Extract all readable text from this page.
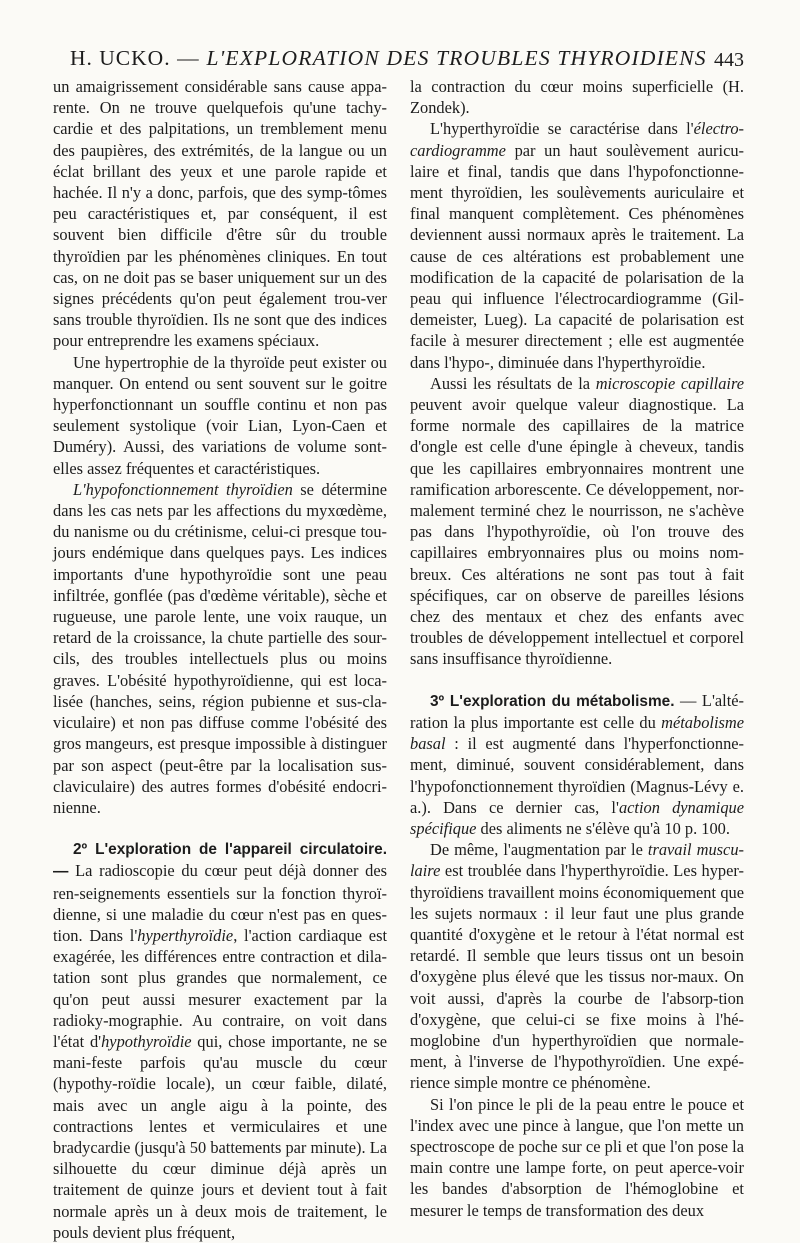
H. UCKO. — L'EXPLORATION DES TROUBLES THYROIDIENS 443

un amaigrissement considérable sans cause appa-rente. On ne trouve quelquefois qu'une tachy-cardie et des palpitations, un tremblement menu des paupières, des extrémités, de la langue ou un éclat brillant des yeux et une parole rapide et hachée. Il n'y a donc, parfois, que des symp-tômes peu caractéristiques et, par conséquent, il est souvent bien difficile d'être sûr du trouble thyroïdien par les phénomènes cliniques. En tout cas, on ne doit pas se baser uniquement sur un des signes précédents qu'on peut également trou-ver sans trouble thyroïdien. Ils ne sont que des indices pour entreprendre les examens spéciaux.

Une hypertrophie de la thyroïde peut exister ou manquer. On entend ou sent souvent sur le goitre hyperfonctionnant un souffle continu et non pas seulement systolique (voir Lian, Lyon-Caen et Duméry). Aussi, des variations de volume sont-elles assez fréquentes et caractéristiques.

L'hypofonctionnement thyroïdien se détermine dans les cas nets par les affections du myxœdème, du nanisme ou du crétinisme, celui-ci presque tou-jours endémique dans quelques pays. Les indices importants d'une hypothyroïdie sont une peau infiltrée, gonflée (pas d'œdème véritable), sèche et rugueuse, une parole lente, une voix rauque, un retard de la croissance, la chute partielle des sour-cils, des troubles intellectuels plus ou moins graves. L'obésité hypothyroïdienne, qui est loca-lisée (hanches, seins, région pubienne et sus-cla-viculaire) et non pas diffuse comme l'obésité des gros mangeurs, est presque impossible à distinguer par son aspect (peut-être par la localisation sus-claviculaire) des autres formes d'obésité endocri-nienne.

2º L'exploration de l'appareil circulatoire. — La radioscopie du cœur peut déjà donner des ren-seignements essentiels sur la fonction thyroï-dienne, si une maladie du cœur n'est pas en ques-tion. Dans l'hyperthyroïdie, l'action cardiaque est exagérée, les différences entre contraction et dila-tation sont plus grandes que normalement, ce qu'on peut aussi mesurer exactement par la radioky-mographie. Au contraire, on voit dans l'état d'hypothyroïdie qui, chose importante, ne se mani-feste parfois qu'au muscle du cœur (hypothy-roïdie locale), un cœur faible, dilaté, mais avec un angle aigu à la pointe, des contractions lentes et vermiculaires et une bradycardie (jusqu'à 50 battements par minute). La silhouette du cœur diminue déjà après un traitement de quinze jours et devient tout à fait normale après un à deux mois de traitement, le pouls devient plus fréquent,

la contraction du cœur moins superficielle (H. Zondek).

L'hyperthyroïdie se caractérise dans l'électro-cardiogramme par un haut soulèvement auricu-laire et final, tandis que dans l'hypofonctionne-ment thyroïdien, les soulèvements auriculaire et final manquent complètement. Ces phénomènes deviennent aussi normaux après le traitement. La cause de ces altérations est probablement une modification de la capacité de polarisation de la peau qui influence l'électrocardiogramme (Gil-demeister, Lueg). La capacité de polarisation est facile à mesurer directement ; elle est augmentée dans l'hypo-, diminuée dans l'hyperthyroïdie.

Aussi les résultats de la microscopie capillaire peuvent avoir quelque valeur diagnostique. La forme normale des capillaires de la matrice d'ongle est celle d'une épingle à cheveux, tandis que les capillaires embryonnaires montrent une ramification arborescente. Ce développement, nor-malement terminé chez le nourrisson, ne s'achève pas dans l'hypothyroïdie, où l'on trouve des capillaires embryonnaires plus ou moins nom-breux. Ces altérations ne sont pas tout à fait spécifiques, car on observe de pareilles lésions chez des mentaux et chez des enfants avec troubles de développement intellectuel et corporel sans insuffisance thyroïdienne.

3º L'exploration du métabolisme. — L'alté-ration la plus importante est celle du métabolisme basal : il est augmenté dans l'hyperfonctionne-ment, diminué, souvent considérablement, dans l'hypofonctionnement thyroïdien (Magnus-Lévy e. a.). Dans ce dernier cas, l'action dynamique spécifique des aliments ne s'élève qu'à 10 p. 100.

De même, l'augmentation par le travail muscu-laire est troublée dans l'hyperthyroïdie. Les hyper-thyroïdiens travaillent moins économiquement que les sujets normaux : il leur faut une plus grande quantité d'oxygène et le retour à l'état normal est retardé. Il semble que leurs tissus ont un besoin d'oxygène plus élevé que les tissus nor-maux. On voit aussi, d'après la courbe de l'absorp-tion d'oxygène, que celui-ci se fixe moins à l'hé-moglobine d'un hyperthyroïdien que normale-ment, à l'inverse de l'hypothyroïdien. Une expé-rience simple montre ce phénomène.

Si l'on pince le pli de la peau entre le pouce et l'index avec une pince à langue, que l'on mette un spectroscope de poche sur ce pli et que l'on pose la main contre une lampe forte, on peut aperce-voir les bandes d'absorption de l'hémoglobine et mesurer le temps de transformation des deux
